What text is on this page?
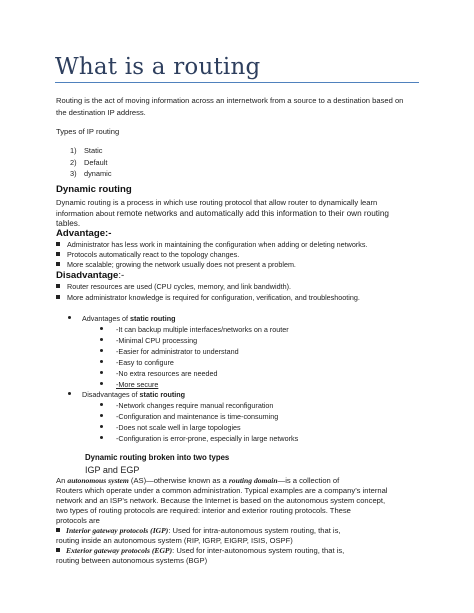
What is a routing
Routing is the act of moving information across an internetwork from a source to a destination based on
the destination IP address.
Types of IP routing
1) Static
2) Default
3) dynamic
Dynamic routing
Dynamic routing is a process in which use routing protocol that allow router to dynamically learn
information about remote networks and automatically add this information to their own routing
tables.
Advantage:-
Administrator has less work in maintaining the configuration when adding or deleting networks.
Protocols automatically react to the topology changes.
More scalable; growing the network usually does not present a problem.
Disadvantage:-
Router resources are used (CPU cycles, memory, and link bandwidth).
More administrator knowledge is required for configuration, verification, and troubleshooting.
Advantages of static routing
-It can backup multiple interfaces/networks on a router
-Minimal CPU processing
-Easier for administrator to understand
-Easy to configure
-No extra resources are needed
-More secure
Disadvantages of static routing
-Network changes require manual reconfiguration
-Configuration and maintenance is time-consuming
-Does not scale well in large topologies
-Configuration is error-prone, especially in large networks
Dynamic routing broken into two types
IGP and EGP
An autonomous system (AS)—otherwise known as a routing domain—is a collection of
Routers which operate under a common administration. Typical examples are a company’s internal
network and an ISP’s network. Because the Internet is based on the autonomous system concept,
two types of routing protocols are required: interior and exterior routing protocols. These
protocols are
Interior gateway protocols (IGP): Used for intra-autonomous system routing, that is,
routing inside an autonomous system (RIP, IGRP, EIGRP, ISIS, OSPF)
Exterior gateway protocols (EGP): Used for inter-autonomous system routing, that is,
routing between autonomous systems (BGP)
